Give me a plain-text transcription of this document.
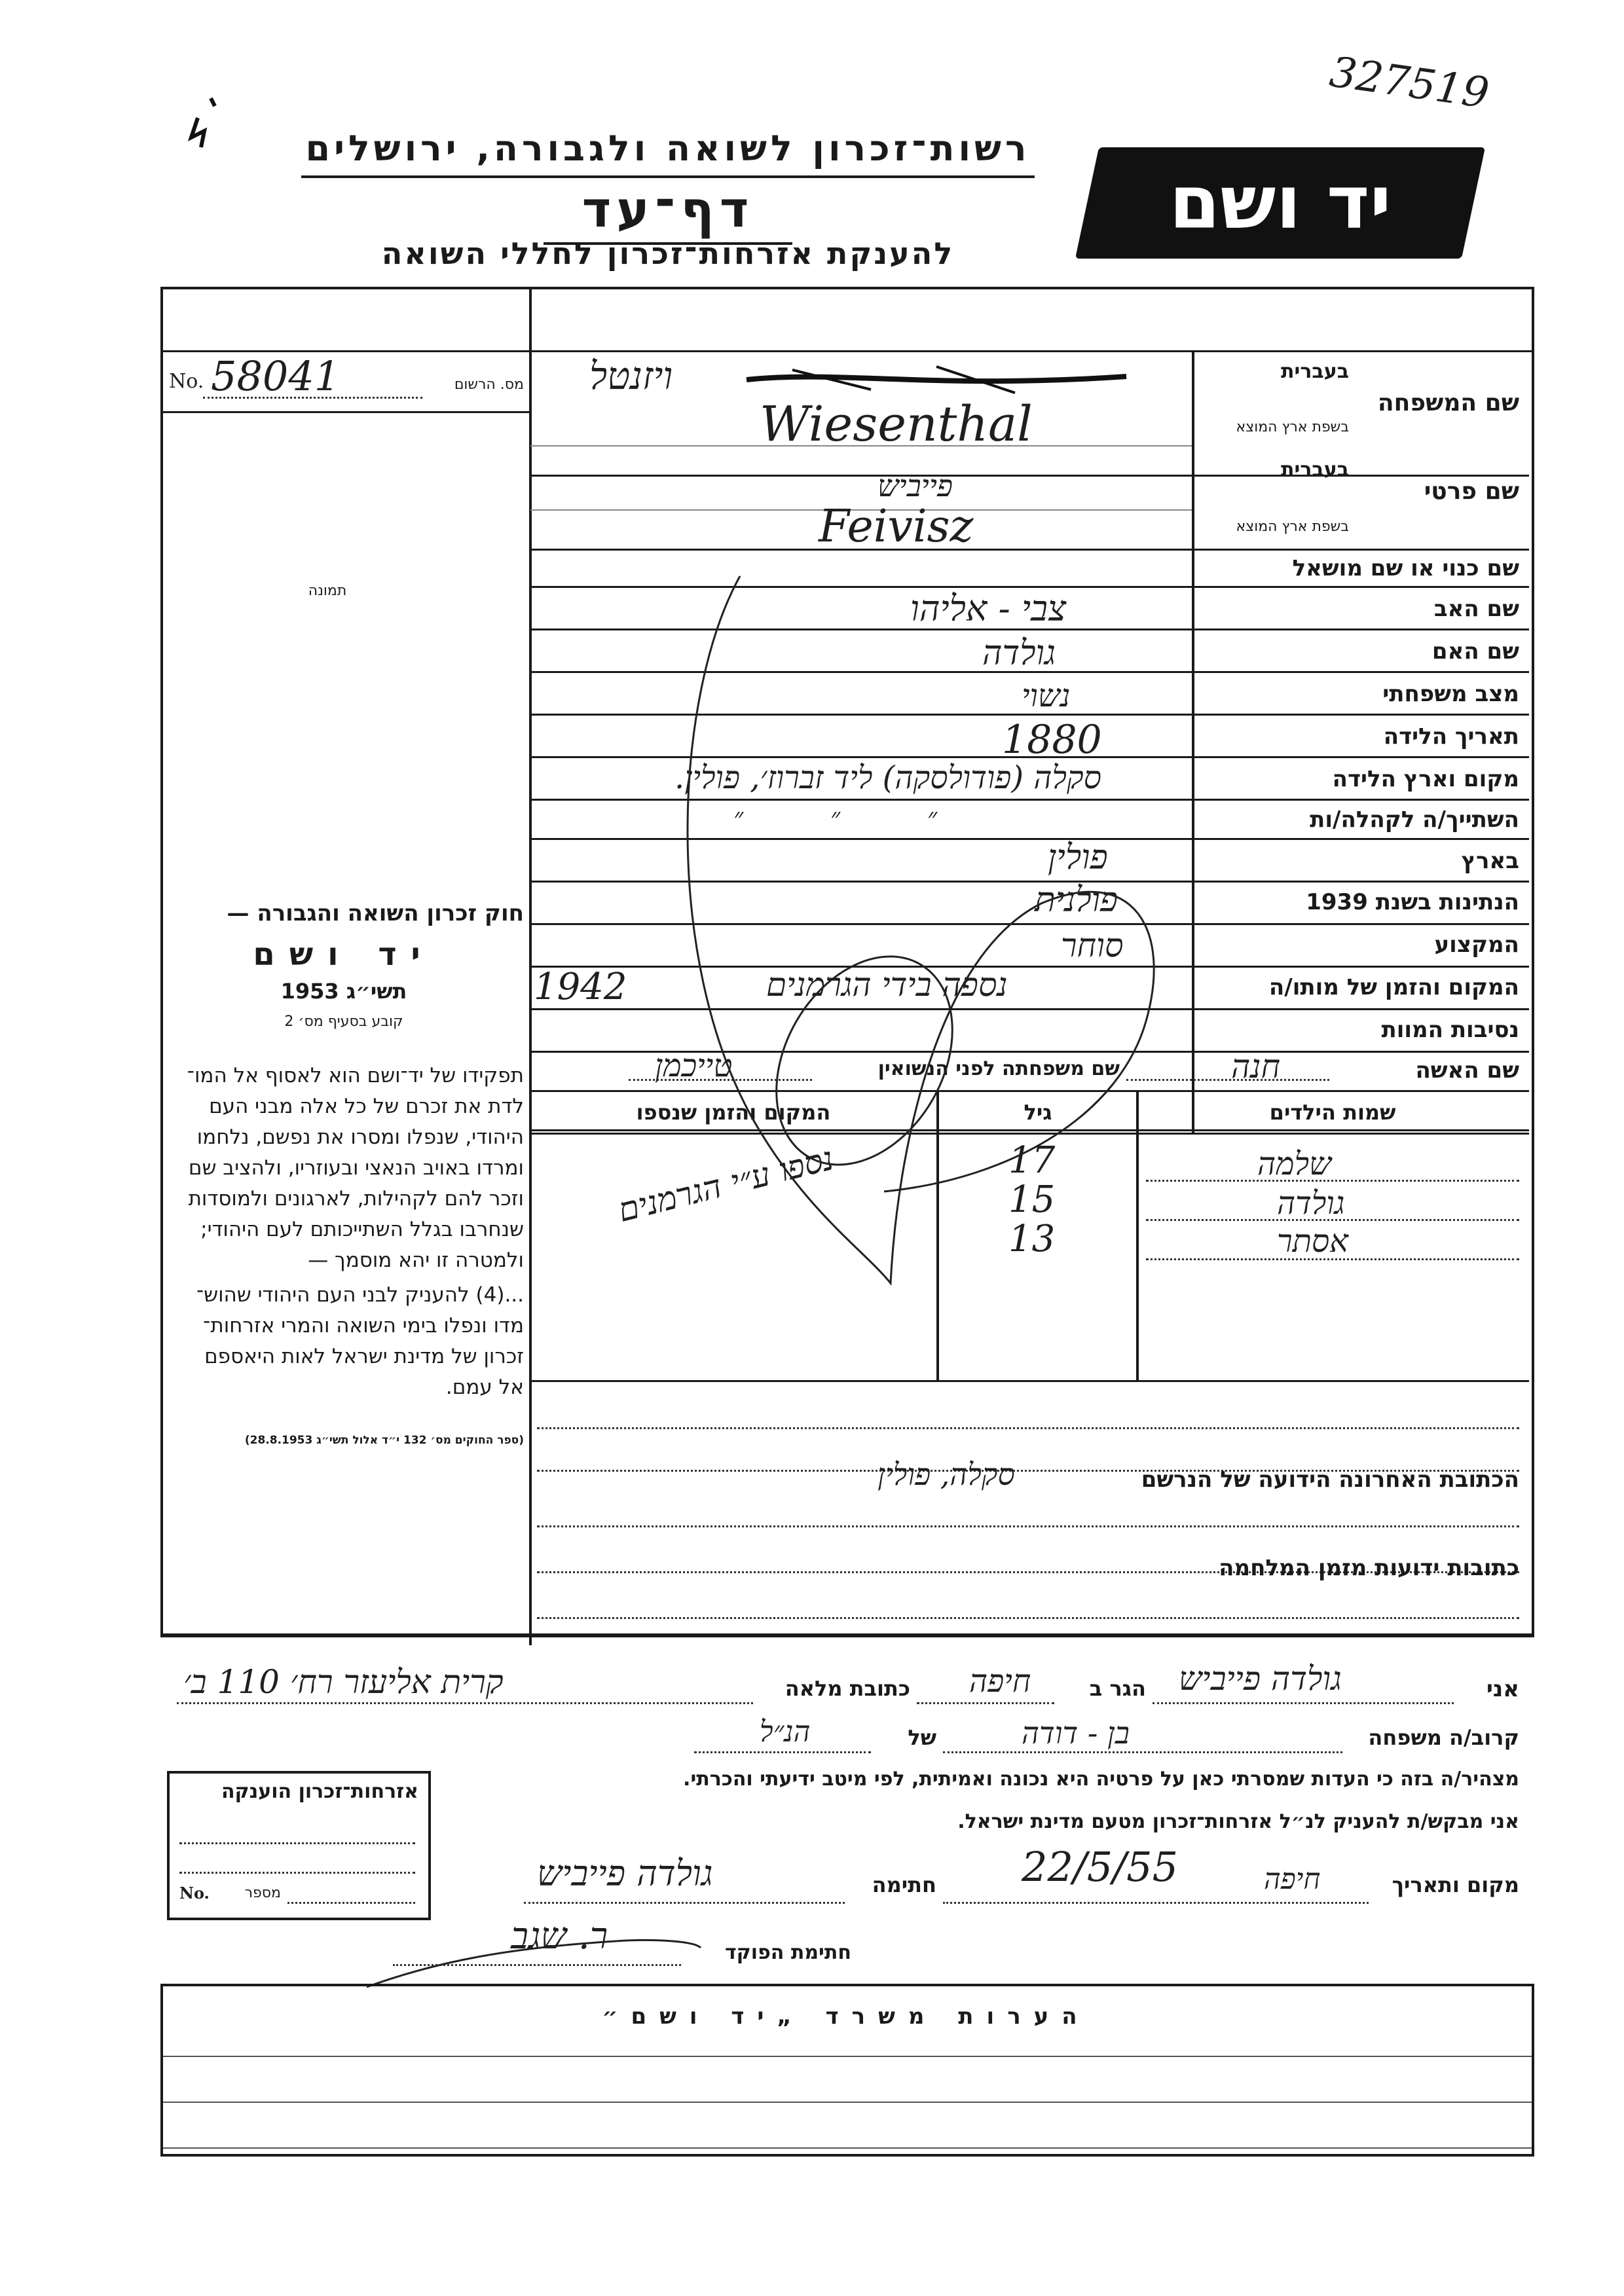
327519
רשות־זכרון לשואה ולגבורה, ירושלים
דף־עד
להענקת אזרחות־זכרון לחללי השואה
יד ושם
No. 58041	מס. הרשום
תמונה
שם המשפחה
בעברית
בשפת ארץ המוצא
ויזנטל
Wiesenthal
שם פרטי
בעברית
בשפת ארץ המוצא
פייביש
Feivisz
שם כנוי או שם מושאל
שם האב
צבי - אליהו
שם האם
גולדה
מצב משפחתי
נשוי
תאריך הלידה
1880
מקום וארץ הלידה
סקלה (פודולסקה) ליד זברוז׳, פולין.
השתייך/ה לקהלה/ות
״ ״ ״
בארץ
פולין
הנתינות בשנת 1939
פולנית
המקצוע
סוחר
המקום והזמן של מותו/ה
נספה בידי הגרמנים
1942
נסיבות המוות
שם האשה
חנה
שם משפחתה לפני הנשואין
טייכמן
שמות הילדים
גיל
המקום והזמן שנספו
שלמה
17
גולדה
15
אסתר
13
נספו ע״י הגרמנים
הכתובת האחרונה הידועה של הנרשם
סקלה, פולין
כתובות ידועות מזמן המלחמה
חוק זכרון השואה והגבורה —
יד ושם
תשי״ג 1953
קובע בסעיף מס׳ 2
תפקידו של יד־ושם הוא לאסוף אל המו־
לדת את זכרם של כל אלה מבני העם
היהודי, שנפלו ומסרו את נפשם, נלחמו
ומרדו באויב הנאצי ובעוזריו, ולהציב שם
וזכר להם לקהילות, לארגונים ולמוסדות
שנחרבו בגלל השתייכותם לעם היהודי;
ולמטרה זו יהא מוסמך —
...(4) להעניק לבני העם היהודי שהוש־
מדו ונפלו בימי השואה והמרי אזרחות־
זכרון של מדינת ישראל לאות היאספם
אל עמם.
(ספר החוקים מס׳ 132 י״ד אלול תשי״ג 28.8.1953)
אני
גולדה פייביש
הגר ב
חיפה
כתובת מלאה
קרית אליעזר רח׳ 110 ב׳
קרוב/ה משפחה
בן - דודה
של
הנ״ל
מצהיר/ה בזה כי העדות שמסרתי כאן על פרטיה היא נכונה ואמיתית, לפי מיטב ידיעתי והכרתי.
אני מבקש/ת להעניק לנ״ל אזרחות־זכרון מטעם מדינת ישראל.
מקום ותאריך
חיפה
22/5/55
חתימה
גולדה פייביש
אזרחות־זכרון הוענקה
No.	מספר
חתימת הפוקד
ר. שגב
הערות משרד „יד ושם״
